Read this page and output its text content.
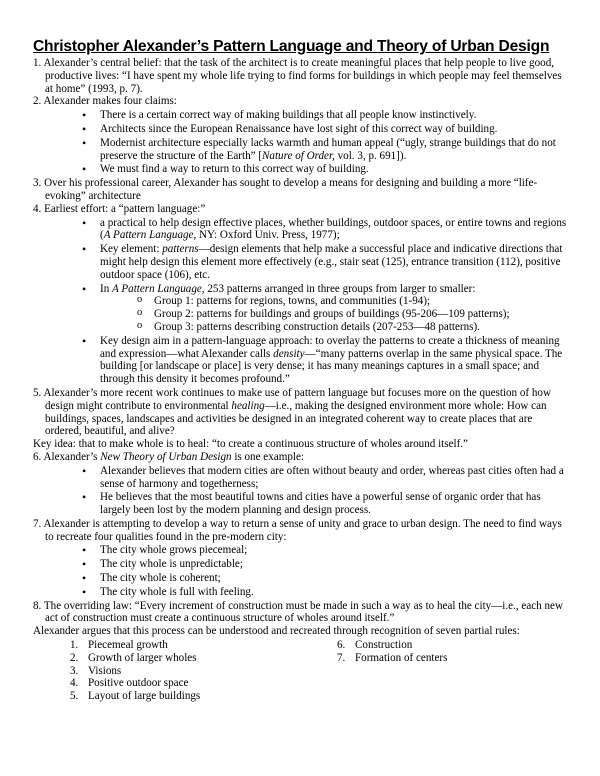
Christopher Alexander’s Pattern Language and Theory of Urban Design
1. Alexander’s central belief: that the task of the architect is to create meaningful places that help people to live good, productive lives: “I have spent my whole life trying to find forms for buildings in which people may feel themselves at home” (1993, p. 7).
2. Alexander makes four claims:
• There is a certain correct way of making buildings that all people know instinctively.
• Architects since the European Renaissance have lost sight of this correct way of building.
• Modernist architecture especially lacks warmth and human appeal (“ugly, strange buildings that do not preserve the structure of the Earth” [Nature of Order, vol. 3, p. 691]).
• We must find a way to return to this correct way of building.
3. Over his professional career, Alexander has sought to develop a means for designing and building a more “life-evoking” architecture
4. Earliest effort: a “pattern language:”
• a practical to help design effective places, whether buildings, outdoor spaces, or entire towns and regions (A Pattern Language, NY: Oxford Univ. Press, 1977);
• Key element: patterns—design elements that help make a successful place and indicative directions that might help design this element more effectively (e.g., stair seat (125), entrance transition (112), positive outdoor space (106), etc.
• In A Pattern Language, 253 patterns arranged in three groups from larger to smaller:
o Group 1: patterns for regions, towns, and communities (1-94);
o Group 2: patterns for buildings and groups of buildings (95-206—109 patterns);
o Group 3: patterns describing construction details (207-253—48 patterns).
• Key design aim in a pattern-language approach: to overlay the patterns to create a thickness of meaning and expression—what Alexander calls density—“many patterns overlap in the same physical space. The building [or landscape or place] is very dense; it has many meanings captures in a small space; and through this density it becomes profound.”
5. Alexander’s more recent work continues to make use of pattern language but focuses more on the question of how design might contribute to environmental healing—i.e., making the designed environment more whole: How can buildings, spaces, landscapes and activities be designed in an integrated coherent way to create places that are ordered, beautiful, and alive?
Key idea: that to make whole is to heal: “to create a continuous structure of wholes around itself.”
6. Alexander’s New Theory of Urban Design is one example:
• Alexander believes that modern cities are often without beauty and order, whereas past cities often had a sense of harmony and togetherness;
• He believes that the most beautiful towns and cities have a powerful sense of organic order that has largely been lost by the modern planning and design process.
7. Alexander is attempting to develop a way to return a sense of unity and grace to urban design. The need to find ways to recreate four qualities found in the pre-modern city:
• The city whole grows piecemeal;
• The city whole is unpredictable;
• The city whole is coherent;
• The city whole is full with feeling.
8. The overriding law: “Every increment of construction must be made in such a way as to heal the city—i.e., each new act of construction must create a continuous structure of wholes around itself.”
Alexander argues that this process can be understood and recreated through recognition of seven partial rules:
1. Piecemeal growth
2. Growth of larger wholes
3. Visions
4. Positive outdoor space
5. Layout of large buildings
6. Construction
7. Formation of centers
